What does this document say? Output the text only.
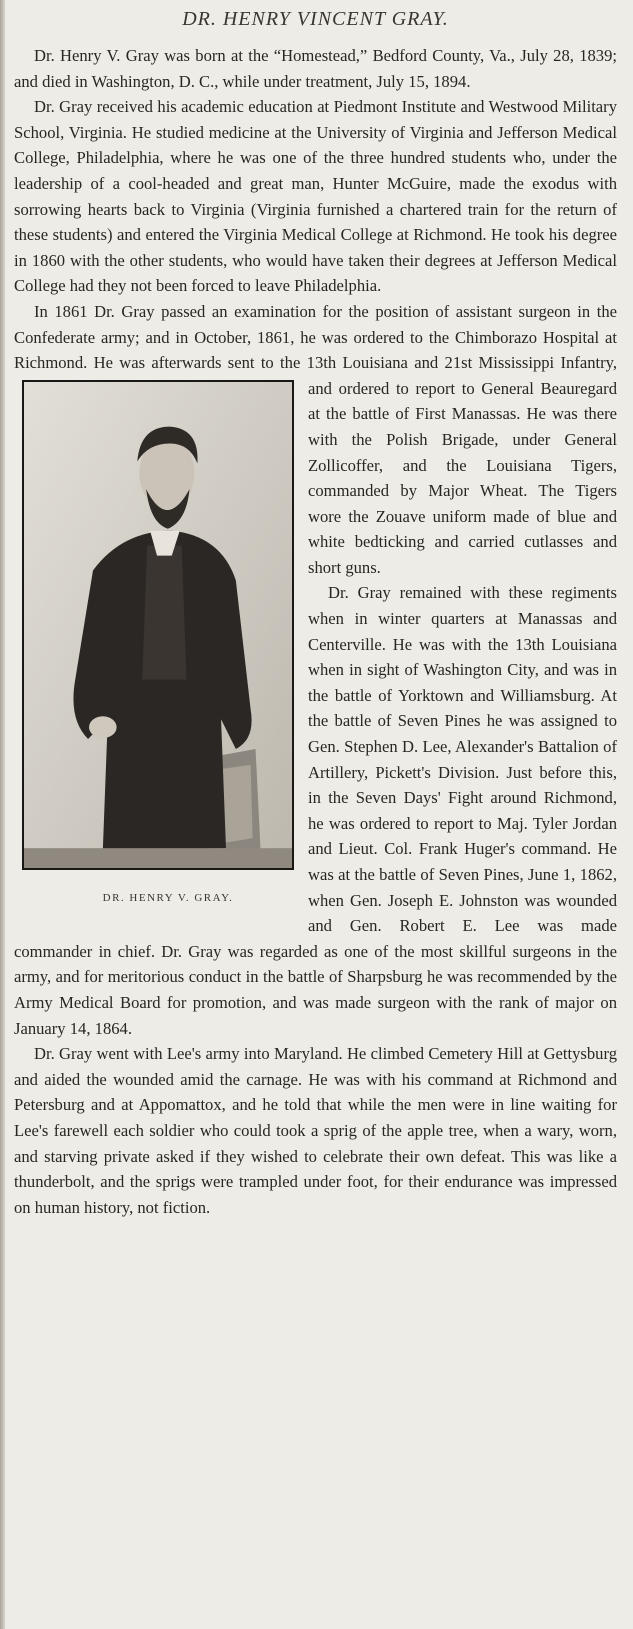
DR. HENRY VINCENT GRAY.

Dr. Henry V. Gray was born at the “Homestead,” Bedford County, Va., July 28, 1839; and died in Washington, D. C., while under treatment, July 15, 1894.

Dr. Gray received his academic education at Piedmont Institute and Westwood Military School, Virginia. He studied medicine at the University of Virginia and Jefferson Medical College, Philadelphia, where he was one of the three hundred students who, under the leadership of a cool-headed and great man, Hunter McGuire, made the exodus with sorrowing hearts back to Virginia (Virginia furnished a chartered train for the return of these students) and entered the Virginia Medical College at Richmond. He took his degree in 1860 with the other students, who would have taken their degrees at Jefferson Medical College had they not been forced to leave Philadelphia.

In 1861 Dr. Gray passed an examination for the position of assistant surgeon in the Confederate army; and in October, 1861, he was ordered to the Chimborazo Hospital at Richmond. He was afterwards sent to the 13th Louisiana and
DR. HENRY V. GRAY.
21st Mississippi Infantry, and ordered to report to General Beauregard at the battle of First Manassas. He was there with the Polish Brigade, under General Zollicoffer, and the Louisiana Tigers, commanded by Major Wheat. The Tigers wore the Zouave uniform made of blue and white bedticking and carried cutlasses and short guns.

Dr. Gray remained with these regiments when in winter quarters at Manassas and Centerville. He was with the 13th Louisiana when in sight of Washington City, and was in the battle of Yorktown and Williamsburg. At the battle of Seven Pines he was assigned to Gen. Stephen D. Lee, Alexander's Battalion of Artillery, Pickett's Division. Just before this, in the Seven Days' Fight around Richmond, he was ordered to report to Maj. Tyler Jordan and Lieut. Col. Frank Huger's command. He was at the battle of Seven Pines, June 1, 1862, when Gen. Joseph E. Johnston was wounded and Gen. Robert E. Lee was made commander in chief. Dr. Gray was regarded as one of the most skillful surgeons in the army, and for meritorious conduct in the battle of Sharpsburg he was recommended by the Army Medical Board for promotion, and was made surgeon with the rank of major on January 14, 1864.

Dr. Gray went with Lee's army into Maryland. He climbed Cemetery Hill at Gettysburg and aided the wounded amid the carnage. He was with his command at Richmond and Petersburg and at Appomattox, and he told that while the men were in line waiting for Lee's farewell each soldier who could took a sprig of the apple tree, when a wary, worn, and starving private asked if they wished to celebrate their own defeat. This was like a thunderbolt, and the sprigs were trampled under foot, for their endurance was impressed on human history, not fiction.
